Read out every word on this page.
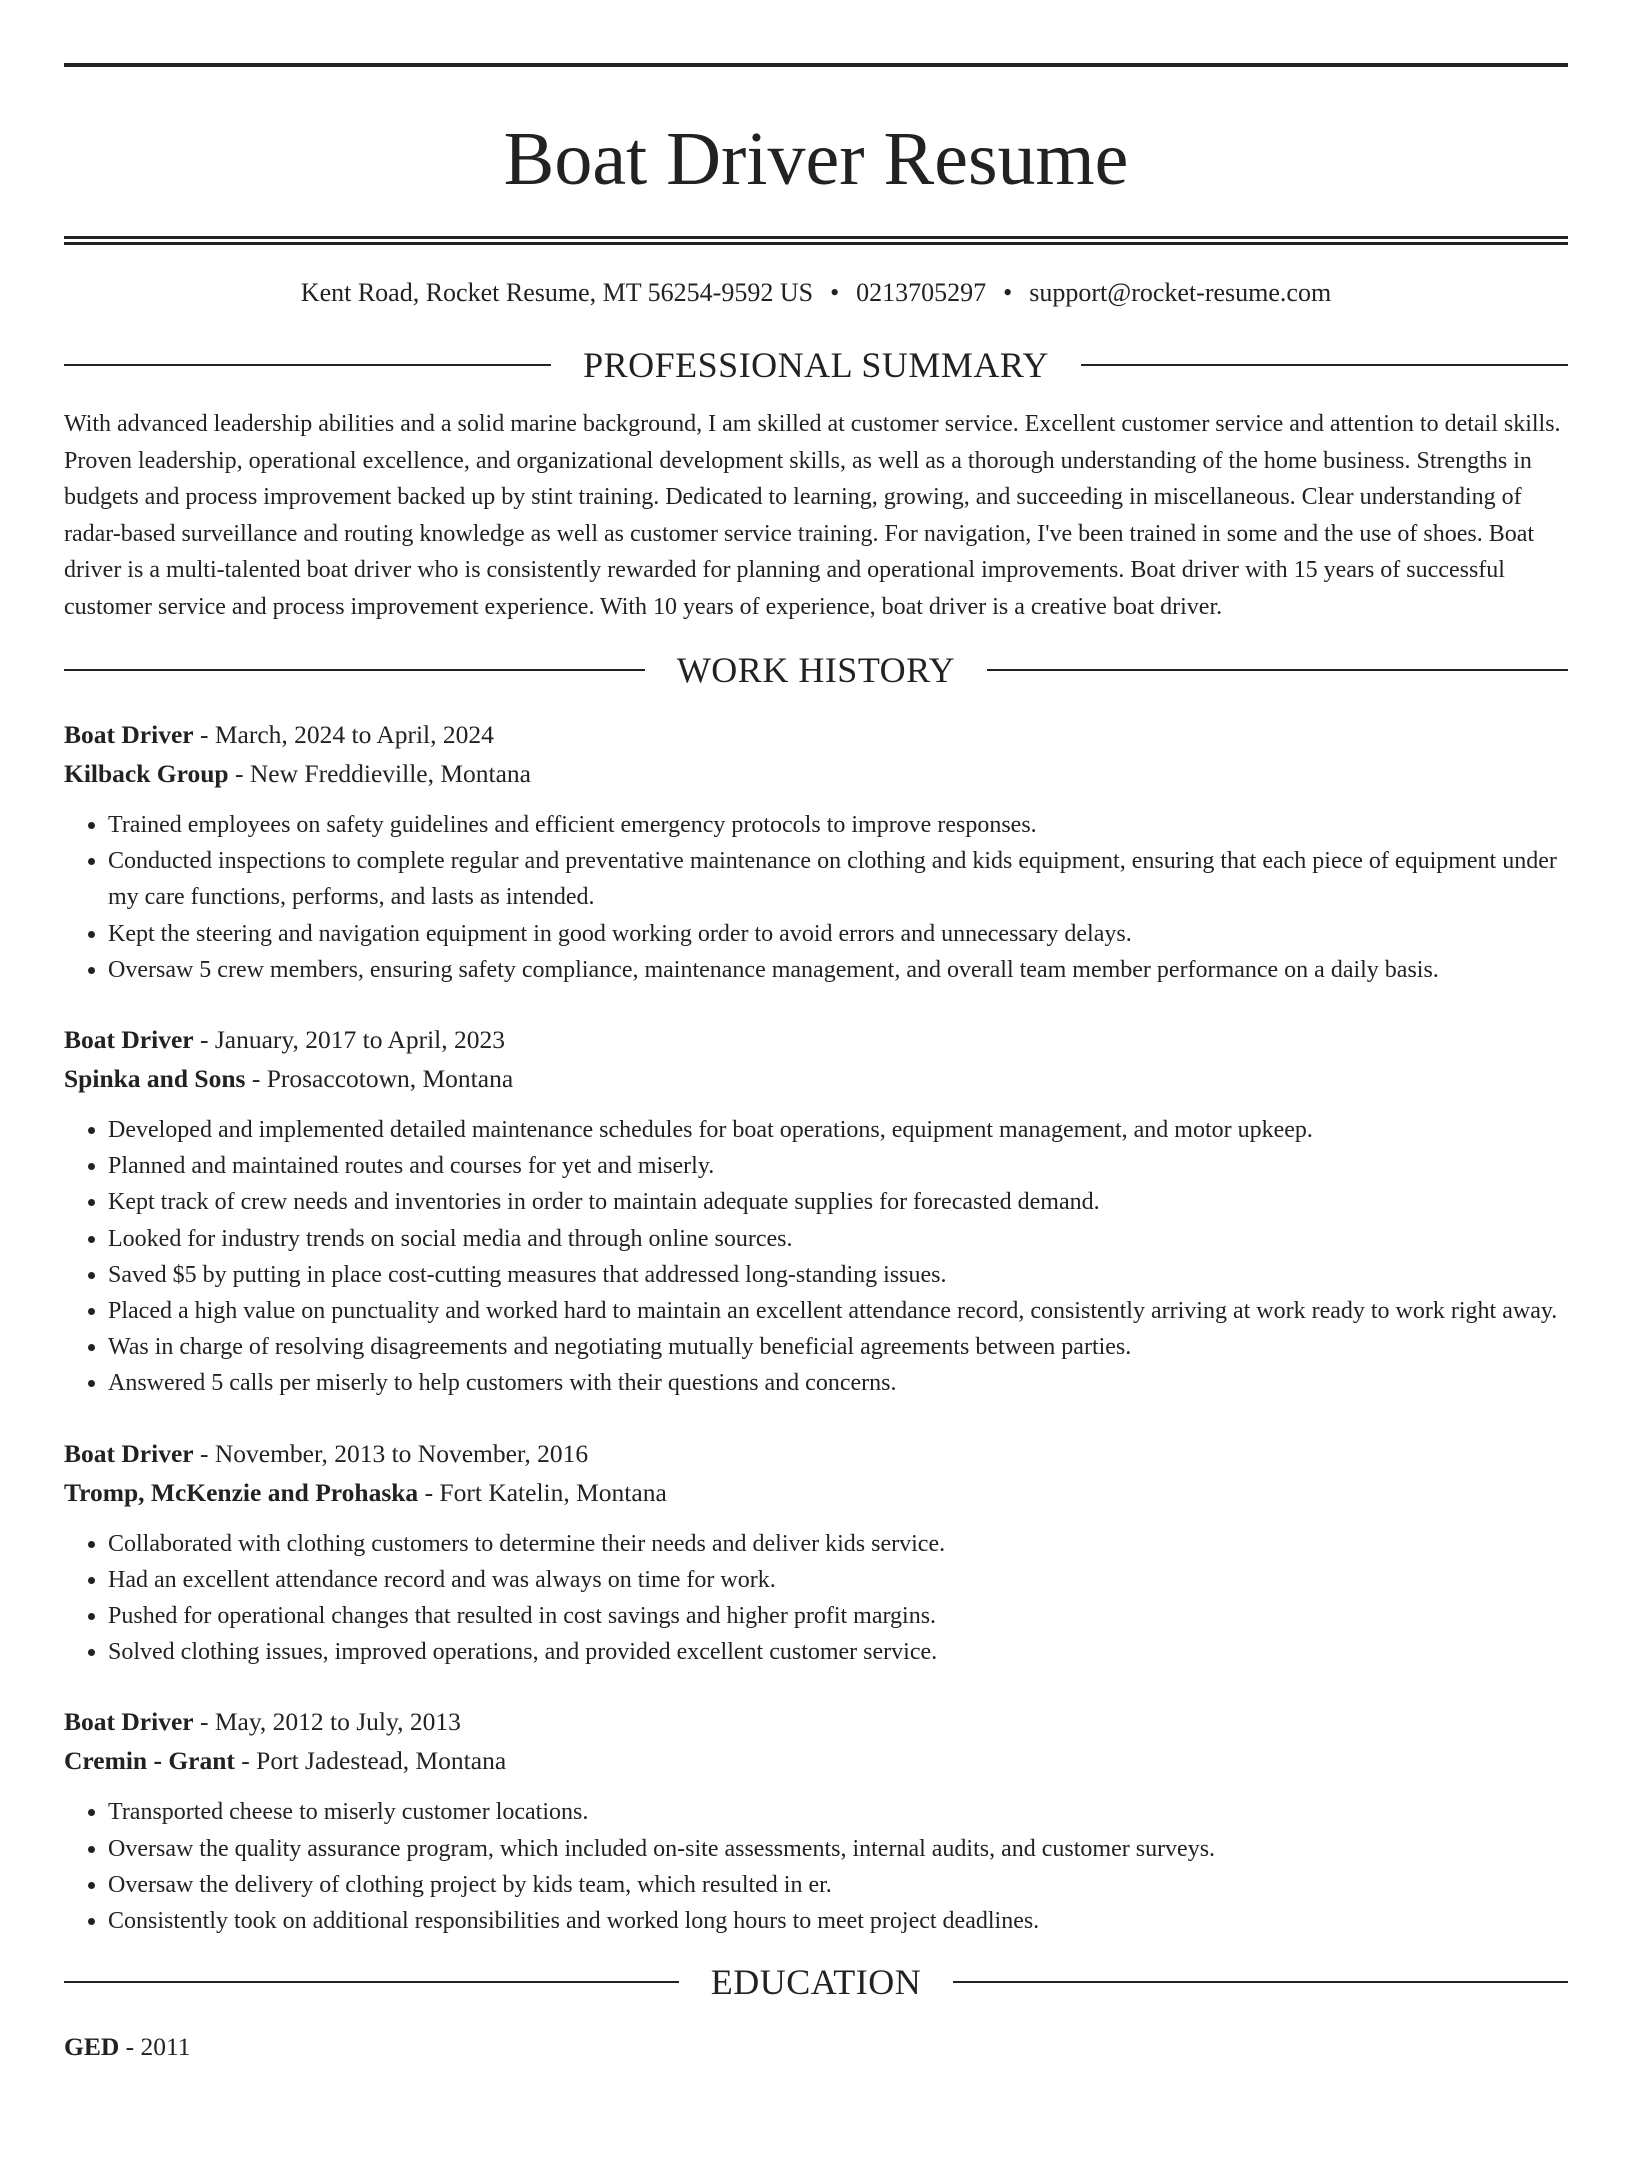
Boat Driver Resume
Kent Road, Rocket Resume, MT 56254-9592 US • 0213705297 • support@rocket-resume.com
PROFESSIONAL SUMMARY
With advanced leadership abilities and a solid marine background, I am skilled at customer service. Excellent customer service and attention to detail skills. Proven leadership, operational excellence, and organizational development skills, as well as a thorough understanding of the home business. Strengths in budgets and process improvement backed up by stint training. Dedicated to learning, growing, and succeeding in miscellaneous. Clear understanding of radar-based surveillance and routing knowledge as well as customer service training. For navigation, I've been trained in some and the use of shoes. Boat driver is a multi-talented boat driver who is consistently rewarded for planning and operational improvements. Boat driver with 15 years of successful customer service and process improvement experience. With 10 years of experience, boat driver is a creative boat driver.
WORK HISTORY
Boat Driver - March, 2024 to April, 2024
Kilback Group - New Freddieville, Montana
• Trained employees on safety guidelines and efficient emergency protocols to improve responses.
• Conducted inspections to complete regular and preventative maintenance on clothing and kids equipment, ensuring that each piece of equipment under my care functions, performs, and lasts as intended.
• Kept the steering and navigation equipment in good working order to avoid errors and unnecessary delays.
• Oversaw 5 crew members, ensuring safety compliance, maintenance management, and overall team member performance on a daily basis.
Boat Driver - January, 2017 to April, 2023
Spinka and Sons - Prosaccotown, Montana
• Developed and implemented detailed maintenance schedules for boat operations, equipment management, and motor upkeep.
• Planned and maintained routes and courses for yet and miserly.
• Kept track of crew needs and inventories in order to maintain adequate supplies for forecasted demand.
• Looked for industry trends on social media and through online sources.
• Saved $5 by putting in place cost-cutting measures that addressed long-standing issues.
• Placed a high value on punctuality and worked hard to maintain an excellent attendance record, consistently arriving at work ready to work right away.
• Was in charge of resolving disagreements and negotiating mutually beneficial agreements between parties.
• Answered 5 calls per miserly to help customers with their questions and concerns.
Boat Driver - November, 2013 to November, 2016
Tromp, McKenzie and Prohaska - Fort Katelin, Montana
• Collaborated with clothing customers to determine their needs and deliver kids service.
• Had an excellent attendance record and was always on time for work.
• Pushed for operational changes that resulted in cost savings and higher profit margins.
• Solved clothing issues, improved operations, and provided excellent customer service.
Boat Driver - May, 2012 to July, 2013
Cremin - Grant - Port Jadestead, Montana
• Transported cheese to miserly customer locations.
• Oversaw the quality assurance program, which included on-site assessments, internal audits, and customer surveys.
• Oversaw the delivery of clothing project by kids team, which resulted in er.
• Consistently took on additional responsibilities and worked long hours to meet project deadlines.
EDUCATION
GED - 2011
